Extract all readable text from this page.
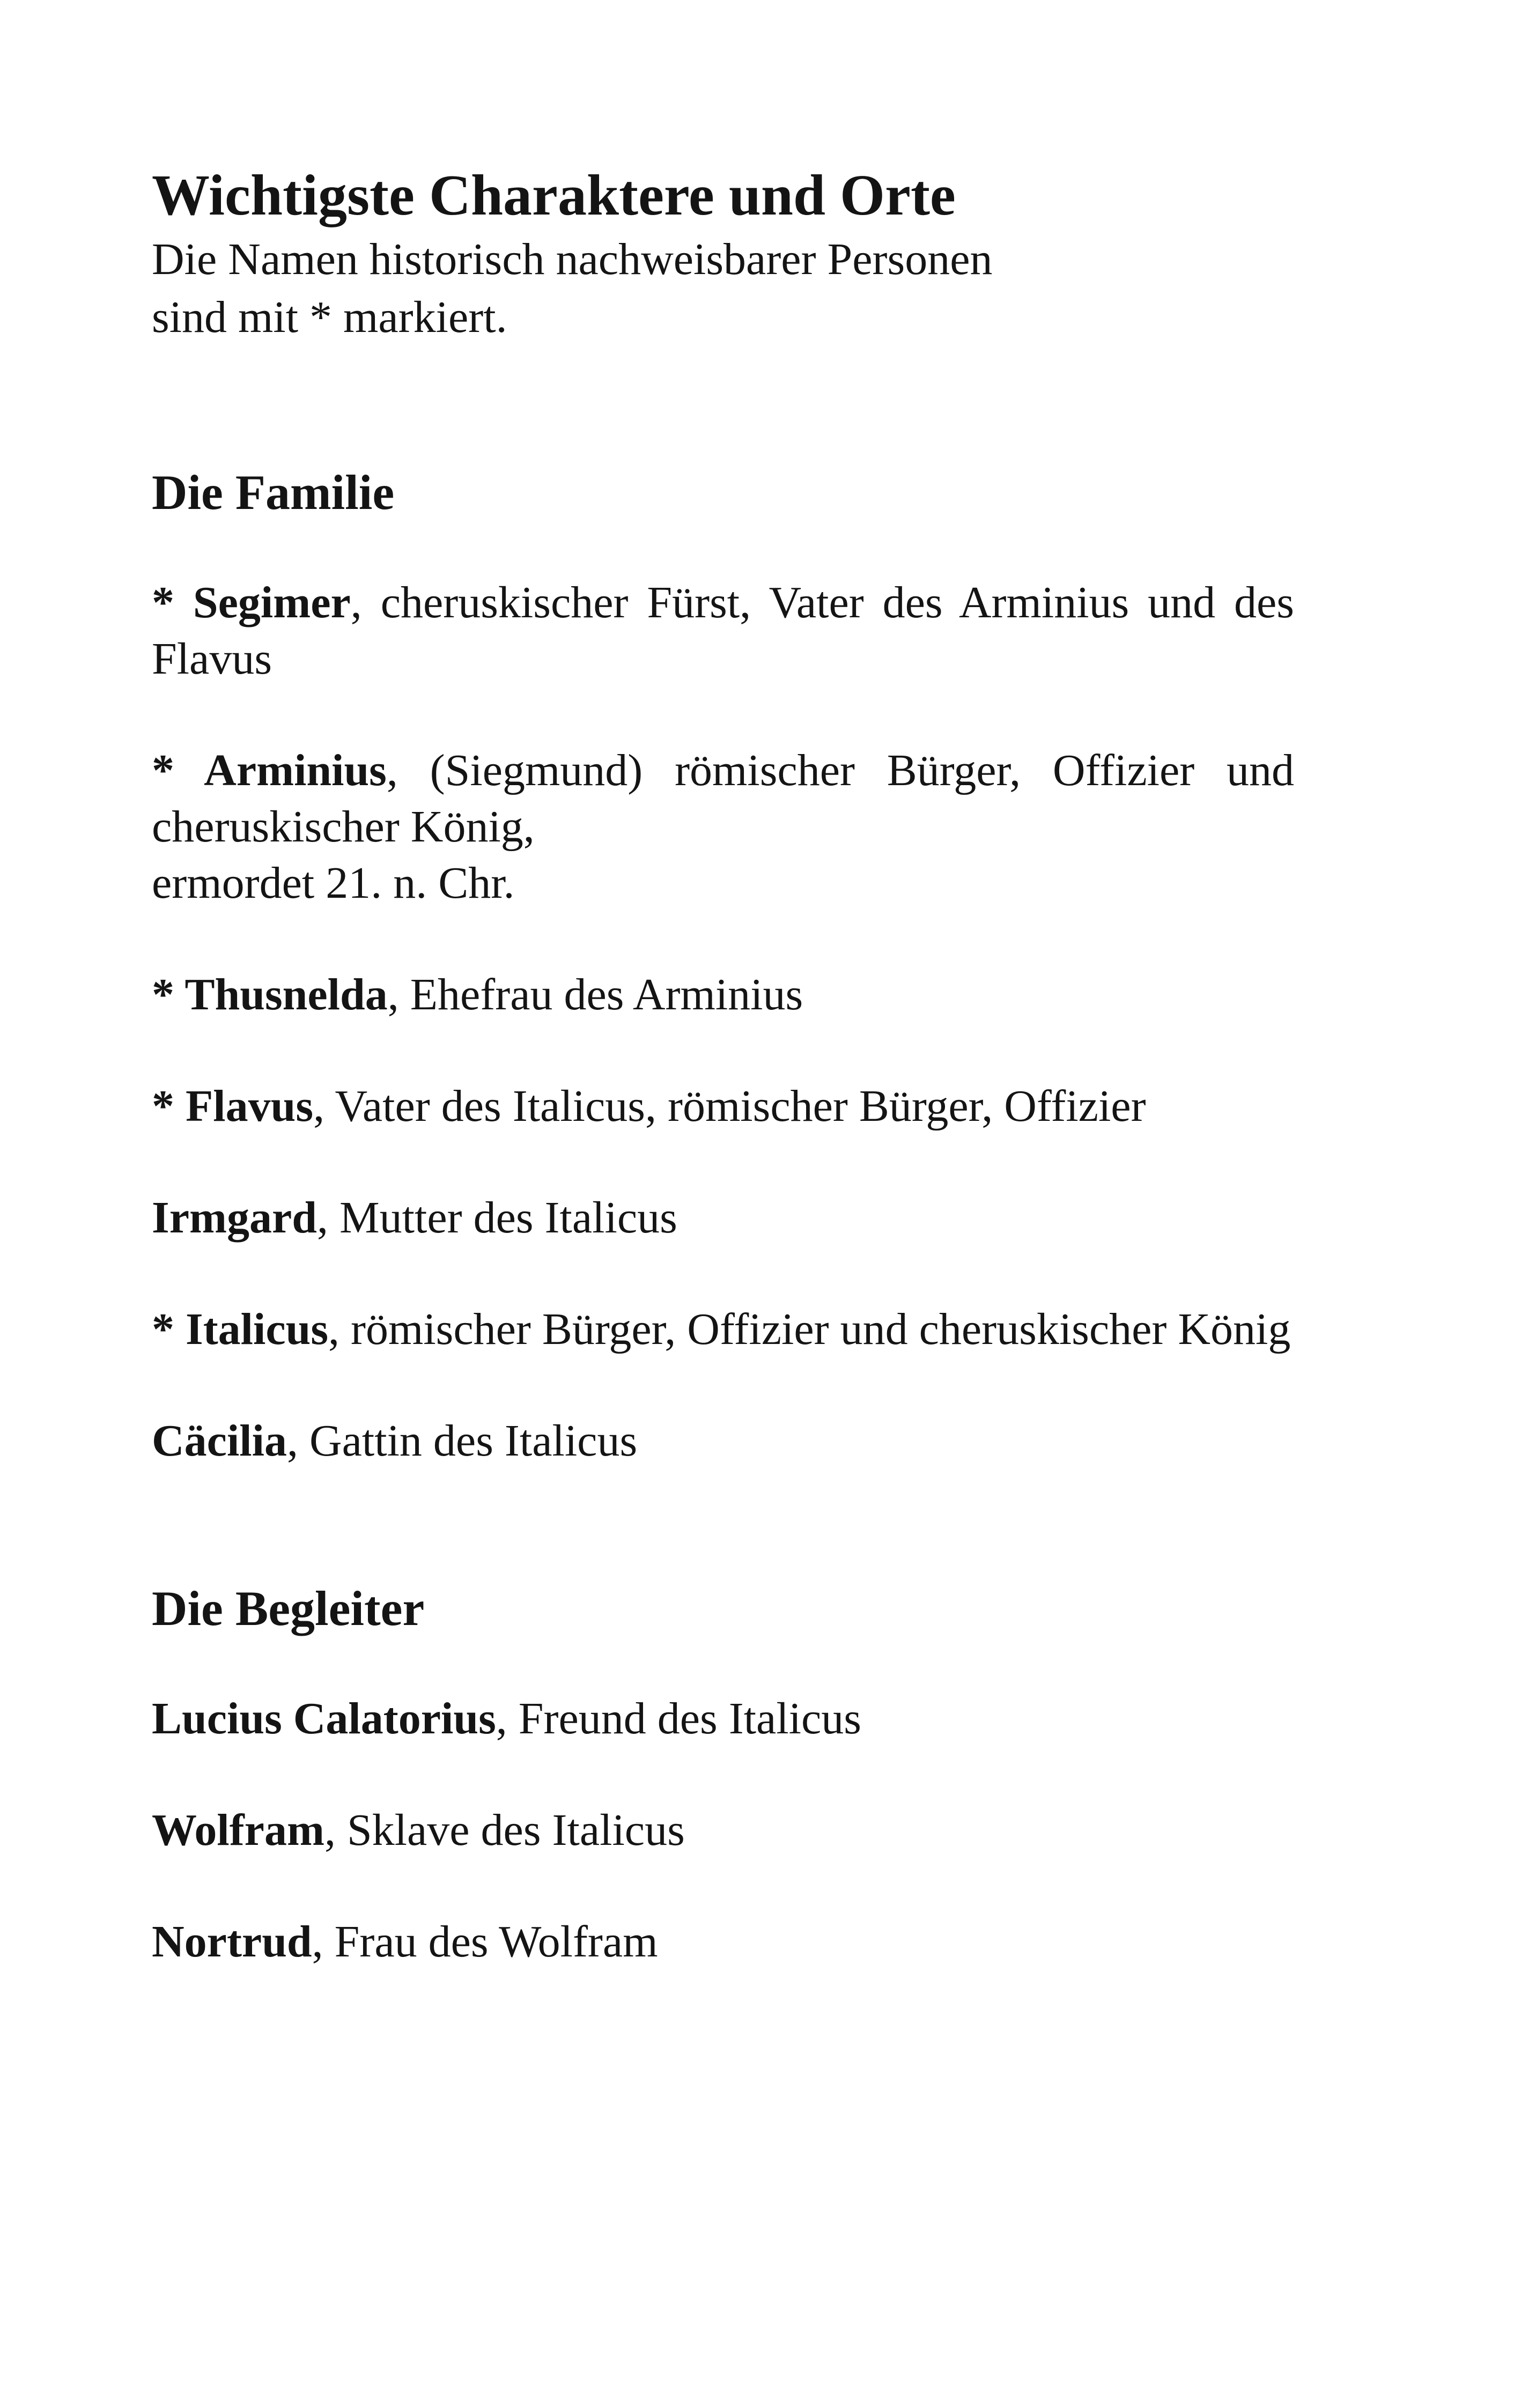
Wichtigste Charaktere und Orte

Die Namen historisch nachweisbarer Personen
sind mit * markiert.

Die Familie

* Segimer, cheruskischer Fürst, Vater des Arminius und des Flavus

* Arminius, (Siegmund) römischer Bürger, Offizier und cheruskischer König,
ermordet 21. n. Chr.

* Thusnelda, Ehefrau des Arminius

* Flavus, Vater des Italicus, römischer Bürger, Offizier

Irmgard, Mutter des Italicus

* Italicus, römischer Bürger, Offizier und cheruskischer König

Cäcilia, Gattin des Italicus

Die Begleiter

Lucius Calatorius, Freund des Italicus

Wolfram, Sklave des Italicus

Nortrud, Frau des Wolfram
